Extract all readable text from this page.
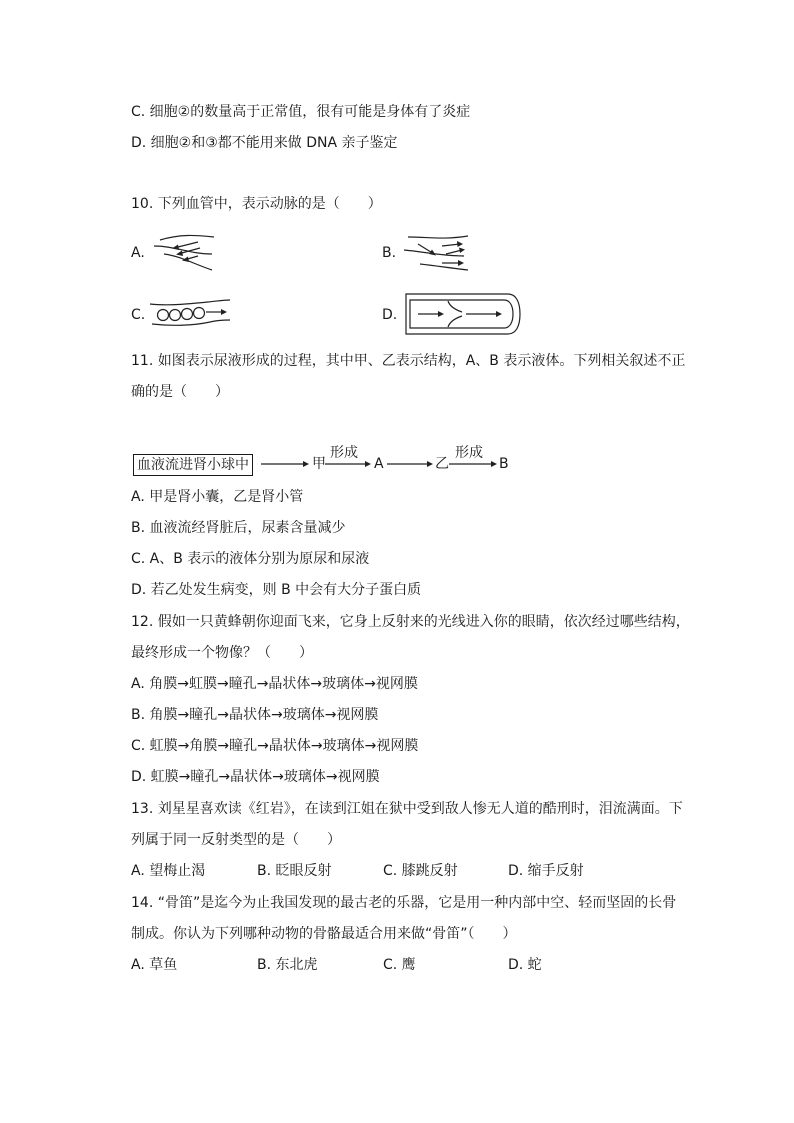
C. 细胞②的数量高于正常值，很有可能是身体有了炎症
D. 细胞②和③都不能用来做 DNA 亲子鉴定
10. 下列血管中，表示动脉的是（　　）
A.	B.
C.	D.
11. 如图表示尿液形成的过程，其中甲、乙表示结构，A、B 表示液体。下列相关叙述不正
确的是（　　）
血液流进肾小球中	甲
形成
A	乙
形成
B
A. 甲是肾小囊，乙是肾小管
B. 血液流经肾脏后，尿素含量减少
C. A、B 表示的液体分别为原尿和尿液
D. 若乙处发生病变，则 B 中会有大分子蛋白质
12. 假如一只黄蜂朝你迎面飞来，它身上反射来的光线进入你的眼睛，依次经过哪些结构，
最终形成一个物像？（　　）
A. 角膜→虹膜→瞳孔→晶状体→玻璃体→视网膜
B. 角膜→瞳孔→晶状体→玻璃体→视网膜
C. 虹膜→角膜→瞳孔→晶状体→玻璃体→视网膜
D. 虹膜→瞳孔→晶状体→玻璃体→视网膜
13. 刘星星喜欢读《红岩》，在读到江姐在狱中受到敌人惨无人道的酷刑时，泪流满面。下
列属于同一反射类型的是（　　）
A. 望梅止渴	B. 眨眼反射	C. 膝跳反射	D. 缩手反射
14. “骨笛”是迄今为止我国发现的最古老的乐器，它是用一种内部中空、轻而坚固的长骨
制成。你认为下列哪种动物的骨骼最适合用来做“骨笛”（　　）
A. 草鱼	B. 东北虎	C. 鹰	D. 蛇
